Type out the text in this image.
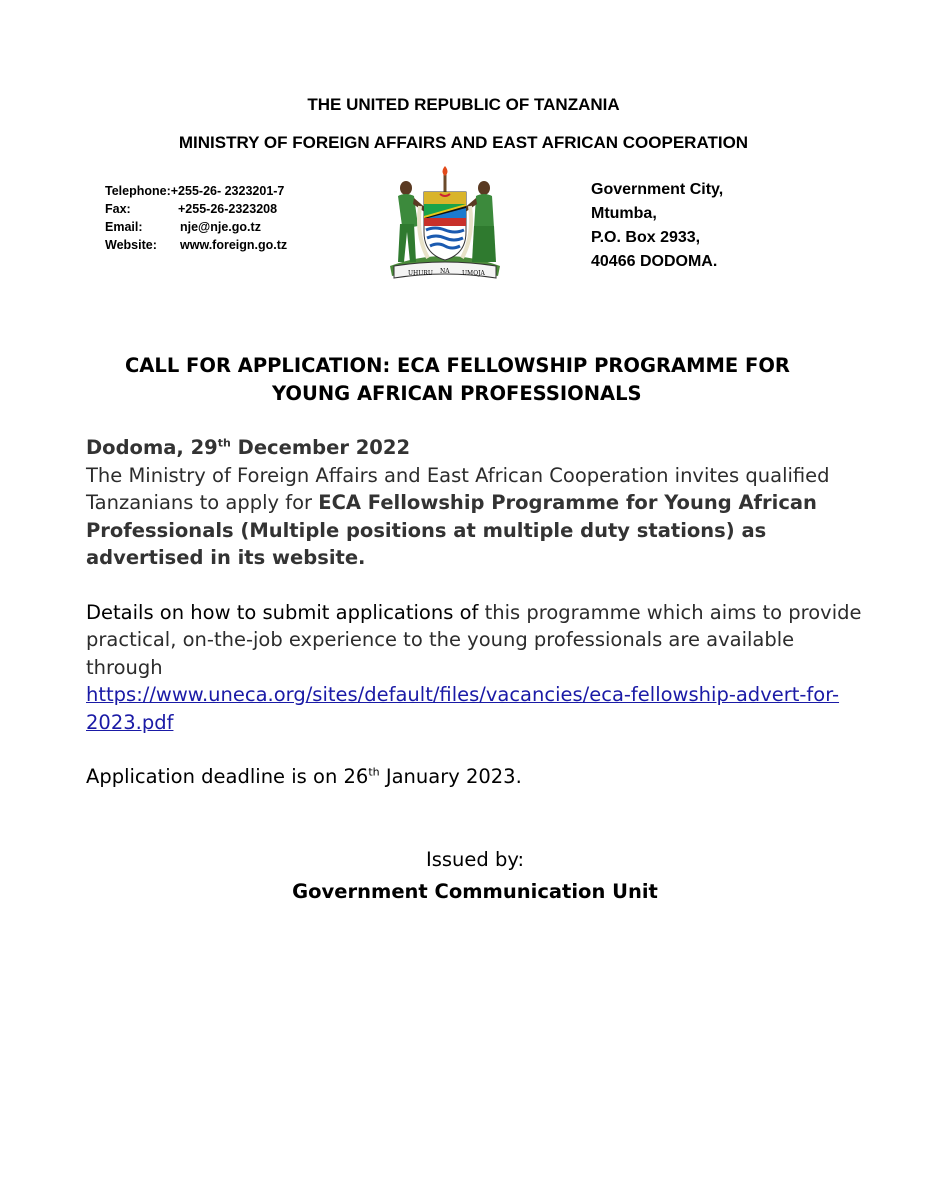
THE UNITED REPUBLIC OF TANZANIA
MINISTRY OF FOREIGN AFFAIRS AND EAST AFRICAN COOPERATION
Telephone: +255-26- 2323201-7
Fax:	+255-26-2323208
Email:	nje@nje.go.tz
Website:	www.foreign.go.tz
UHURU NA UMOJA
Government City,
Mtumba,
P.O. Box 2933,
40466 DODOMA.
CALL FOR APPLICATION: ECA FELLOWSHIP PROGRAMME FOR
YOUNG AFRICAN PROFESSIONALS
Dodoma, 29th December 2022
The Ministry of Foreign Affairs and East African Cooperation invites qualified Tanzanians to apply for ECA Fellowship Programme for Young African Professionals (Multiple positions at multiple duty stations) as advertised in its website.
Details on how to submit applications of this programme which aims to provide practical, on-the-job experience to the young professionals are available through
https://www.uneca.org/sites/default/files/vacancies/eca-fellowship-advert-for-2023.pdf
Application deadline is on 26th January 2023.
Issued by:
Government Communication Unit
